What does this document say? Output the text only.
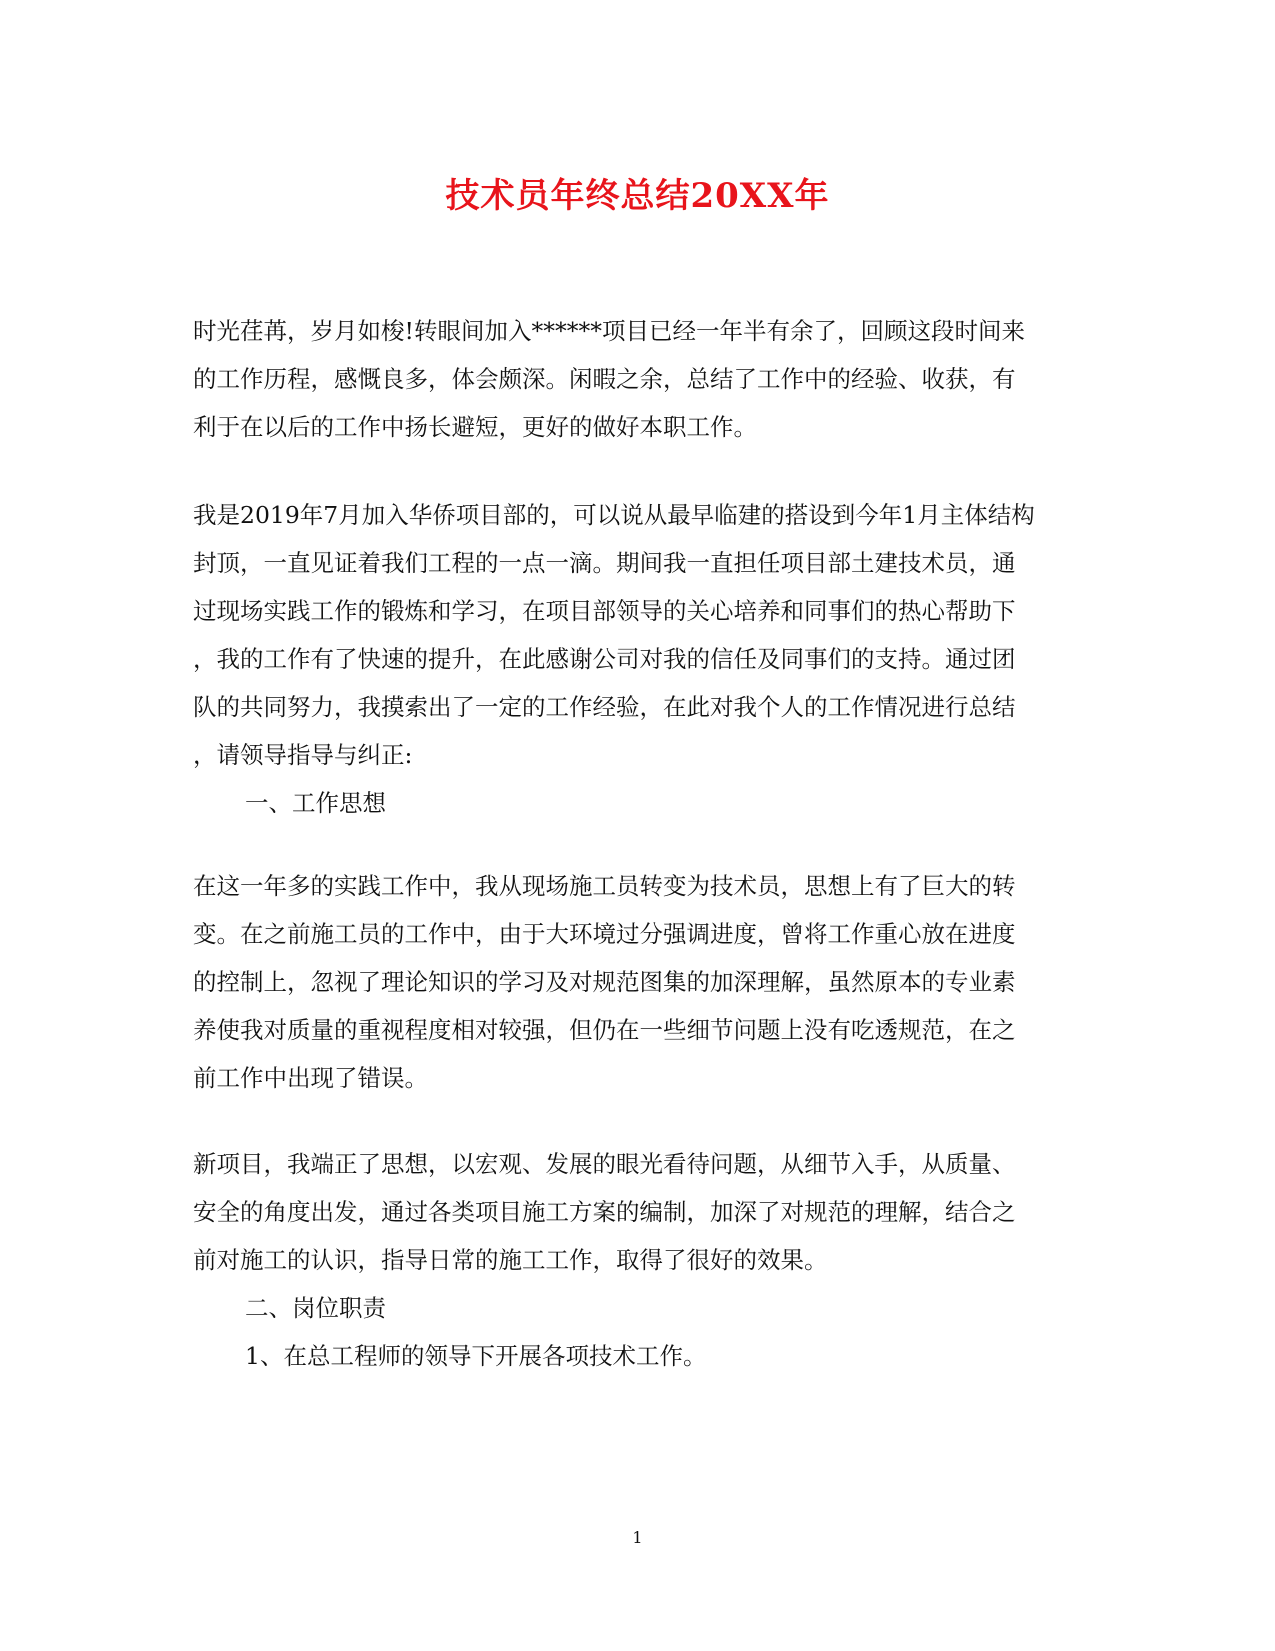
技术员年终总结20XX年
时光荏苒，岁月如梭!转眼间加入******项目已经一年半有余了，回顾这段时间来
的工作历程，感慨良多，体会颇深。闲暇之余，总结了工作中的经验、收获，有
利于在以后的工作中扬长避短，更好的做好本职工作。
我是2019年7月加入华侨项目部的，可以说从最早临建的搭设到今年1月主体结构
封顶，一直见证着我们工程的一点一滴。期间我一直担任项目部土建技术员，通
过现场实践工作的锻炼和学习，在项目部领导的关心培养和同事们的热心帮助下
，我的工作有了快速的提升，在此感谢公司对我的信任及同事们的支持。通过团
队的共同努力，我摸索出了一定的工作经验，在此对我个人的工作情况进行总结
，请领导指导与纠正:
一、工作思想
在这一年多的实践工作中，我从现场施工员转变为技术员，思想上有了巨大的转
变。在之前施工员的工作中，由于大环境过分强调进度，曾将工作重心放在进度
的控制上，忽视了理论知识的学习及对规范图集的加深理解，虽然原本的专业素
养使我对质量的重视程度相对较强，但仍在一些细节问题上没有吃透规范，在之
前工作中出现了错误。
新项目，我端正了思想，以宏观、发展的眼光看待问题，从细节入手，从质量、
安全的角度出发，通过各类项目施工方案的编制，加深了对规范的理解，结合之
前对施工的认识，指导日常的施工工作，取得了很好的效果。
二、岗位职责
1、在总工程师的领导下开展各项技术工作。
1
